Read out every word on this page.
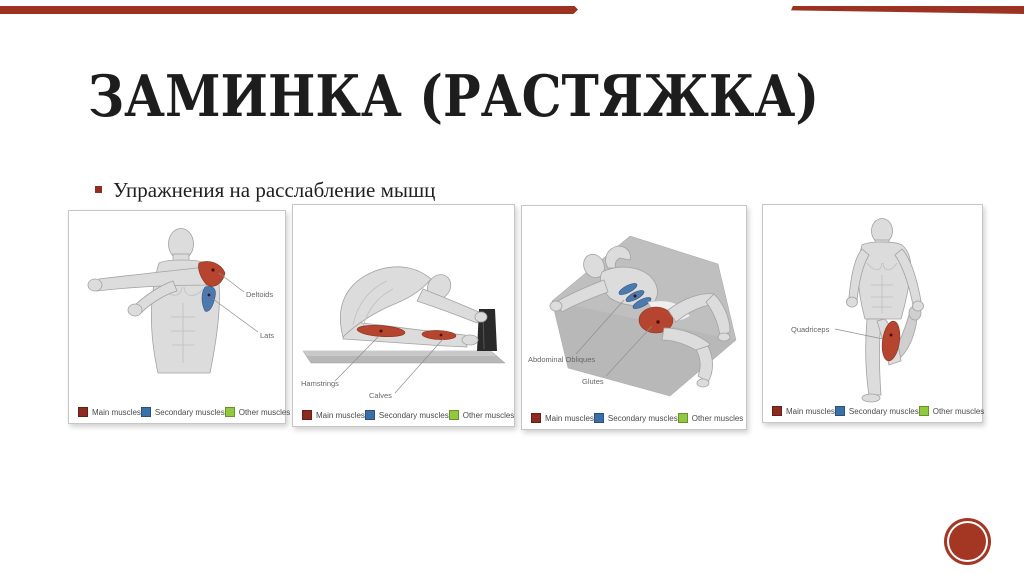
ЗАМИНКА (РАСТЯЖКА)
Упражнения на расслабление мышц
Deltoids
Lats
Main muscles Secondary muscles Other muscles
Hamstrings
Calves
Main muscles Secondary muscles Other muscles
Abdominal Obliques
Glutes
Main muscles Secondary muscles Other muscles
Quadriceps
Main muscles Secondary muscles Other muscles
